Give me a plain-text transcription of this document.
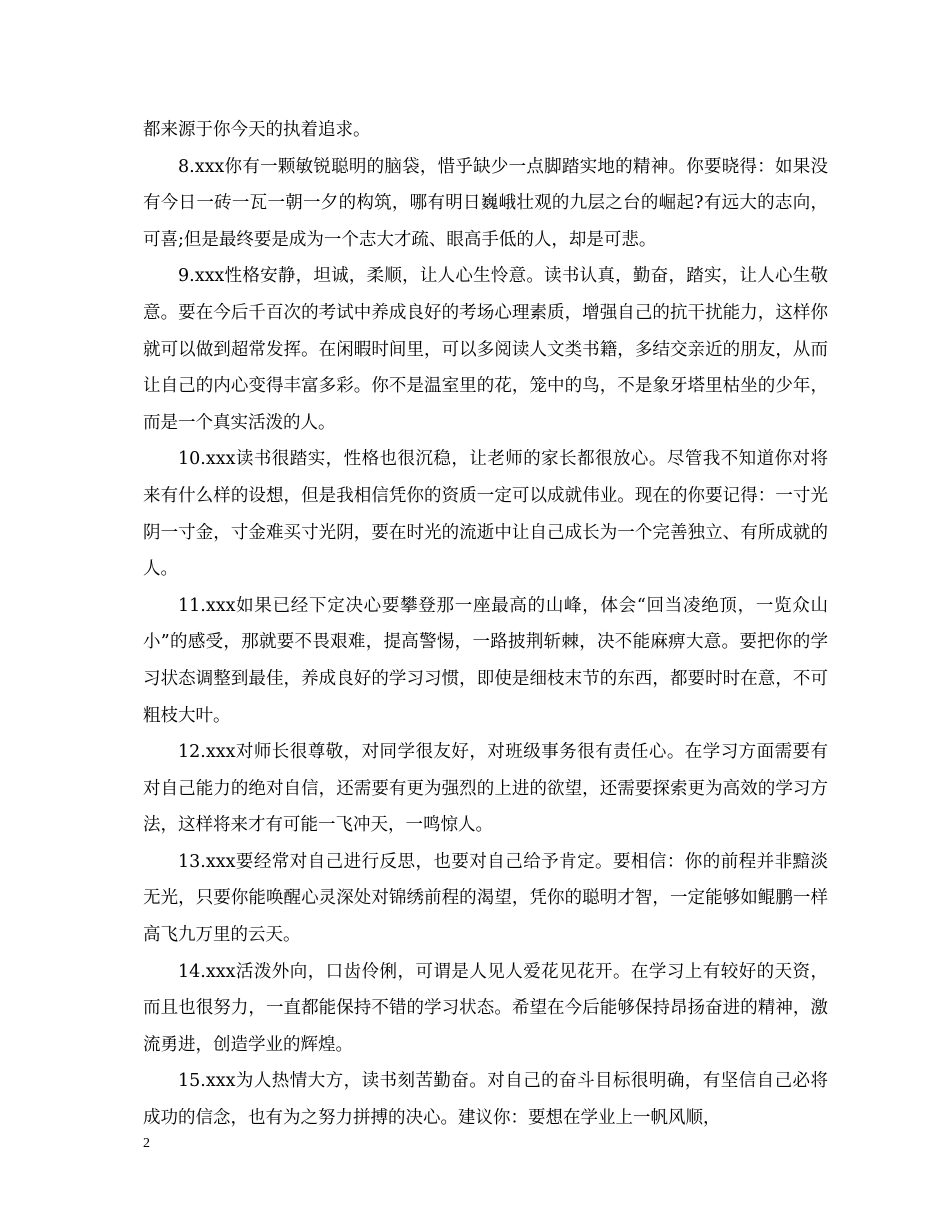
都来源于你今天的执着追求。

8.xxx你有一颗敏锐聪明的脑袋，惜乎缺少一点脚踏实地的精神。你要晓得：如果没有今日一砖一瓦一朝一夕的构筑，哪有明日巍峨壮观的九层之台的崛起?有远大的志向，可喜;但是最终要是成为一个志大才疏、眼高手低的人，却是可悲。

9.xxx性格安静，坦诚，柔顺，让人心生怜意。读书认真，勤奋，踏实，让人心生敬意。要在今后千百次的考试中养成良好的考场心理素质，增强自己的抗干扰能力，这样你就可以做到超常发挥。在闲暇时间里，可以多阅读人文类书籍，多结交亲近的朋友，从而让自己的内心变得丰富多彩。你不是温室里的花，笼中的鸟，不是象牙塔里枯坐的少年，而是一个真实活泼的人。

10.xxx读书很踏实，性格也很沉稳，让老师的家长都很放心。尽管我不知道你对将来有什么样的设想，但是我相信凭你的资质一定可以成就伟业。现在的你要记得：一寸光阴一寸金，寸金难买寸光阴，要在时光的流逝中让自己成长为一个完善独立、有所成就的人。

11.xxx如果已经下定决心要攀登那一座最高的山峰，体会“回当凌绝顶，一览众山小”的感受，那就要不畏艰难，提高警惕，一路披荆斩棘，决不能麻痹大意。要把你的学习状态调整到最佳，养成良好的学习习惯，即使是细枝末节的东西，都要时时在意，不可粗枝大叶。

12.xxx对师长很尊敬，对同学很友好，对班级事务很有责任心。在学习方面需要有对自己能力的绝对自信，还需要有更为强烈的上进的欲望，还需要探索更为高效的学习方法，这样将来才有可能一飞冲天，一鸣惊人。

13.xxx要经常对自己进行反思，也要对自己给予肯定。要相信：你的前程并非黯淡无光，只要你能唤醒心灵深处对锦绣前程的渴望，凭你的聪明才智，一定能够如鲲鹏一样高飞九万里的云天。

14.xxx活泼外向，口齿伶俐，可谓是人见人爱花见花开。在学习上有较好的天资，而且也很努力，一直都能保持不错的学习状态。希望在今后能够保持昂扬奋进的精神，激流勇进，创造学业的辉煌。

15.xxx为人热情大方，读书刻苦勤奋。对自己的奋斗目标很明确，有坚信自己必将成功的信念，也有为之努力拼搏的决心。建议你：要想在学业上一帆风顺，

2
